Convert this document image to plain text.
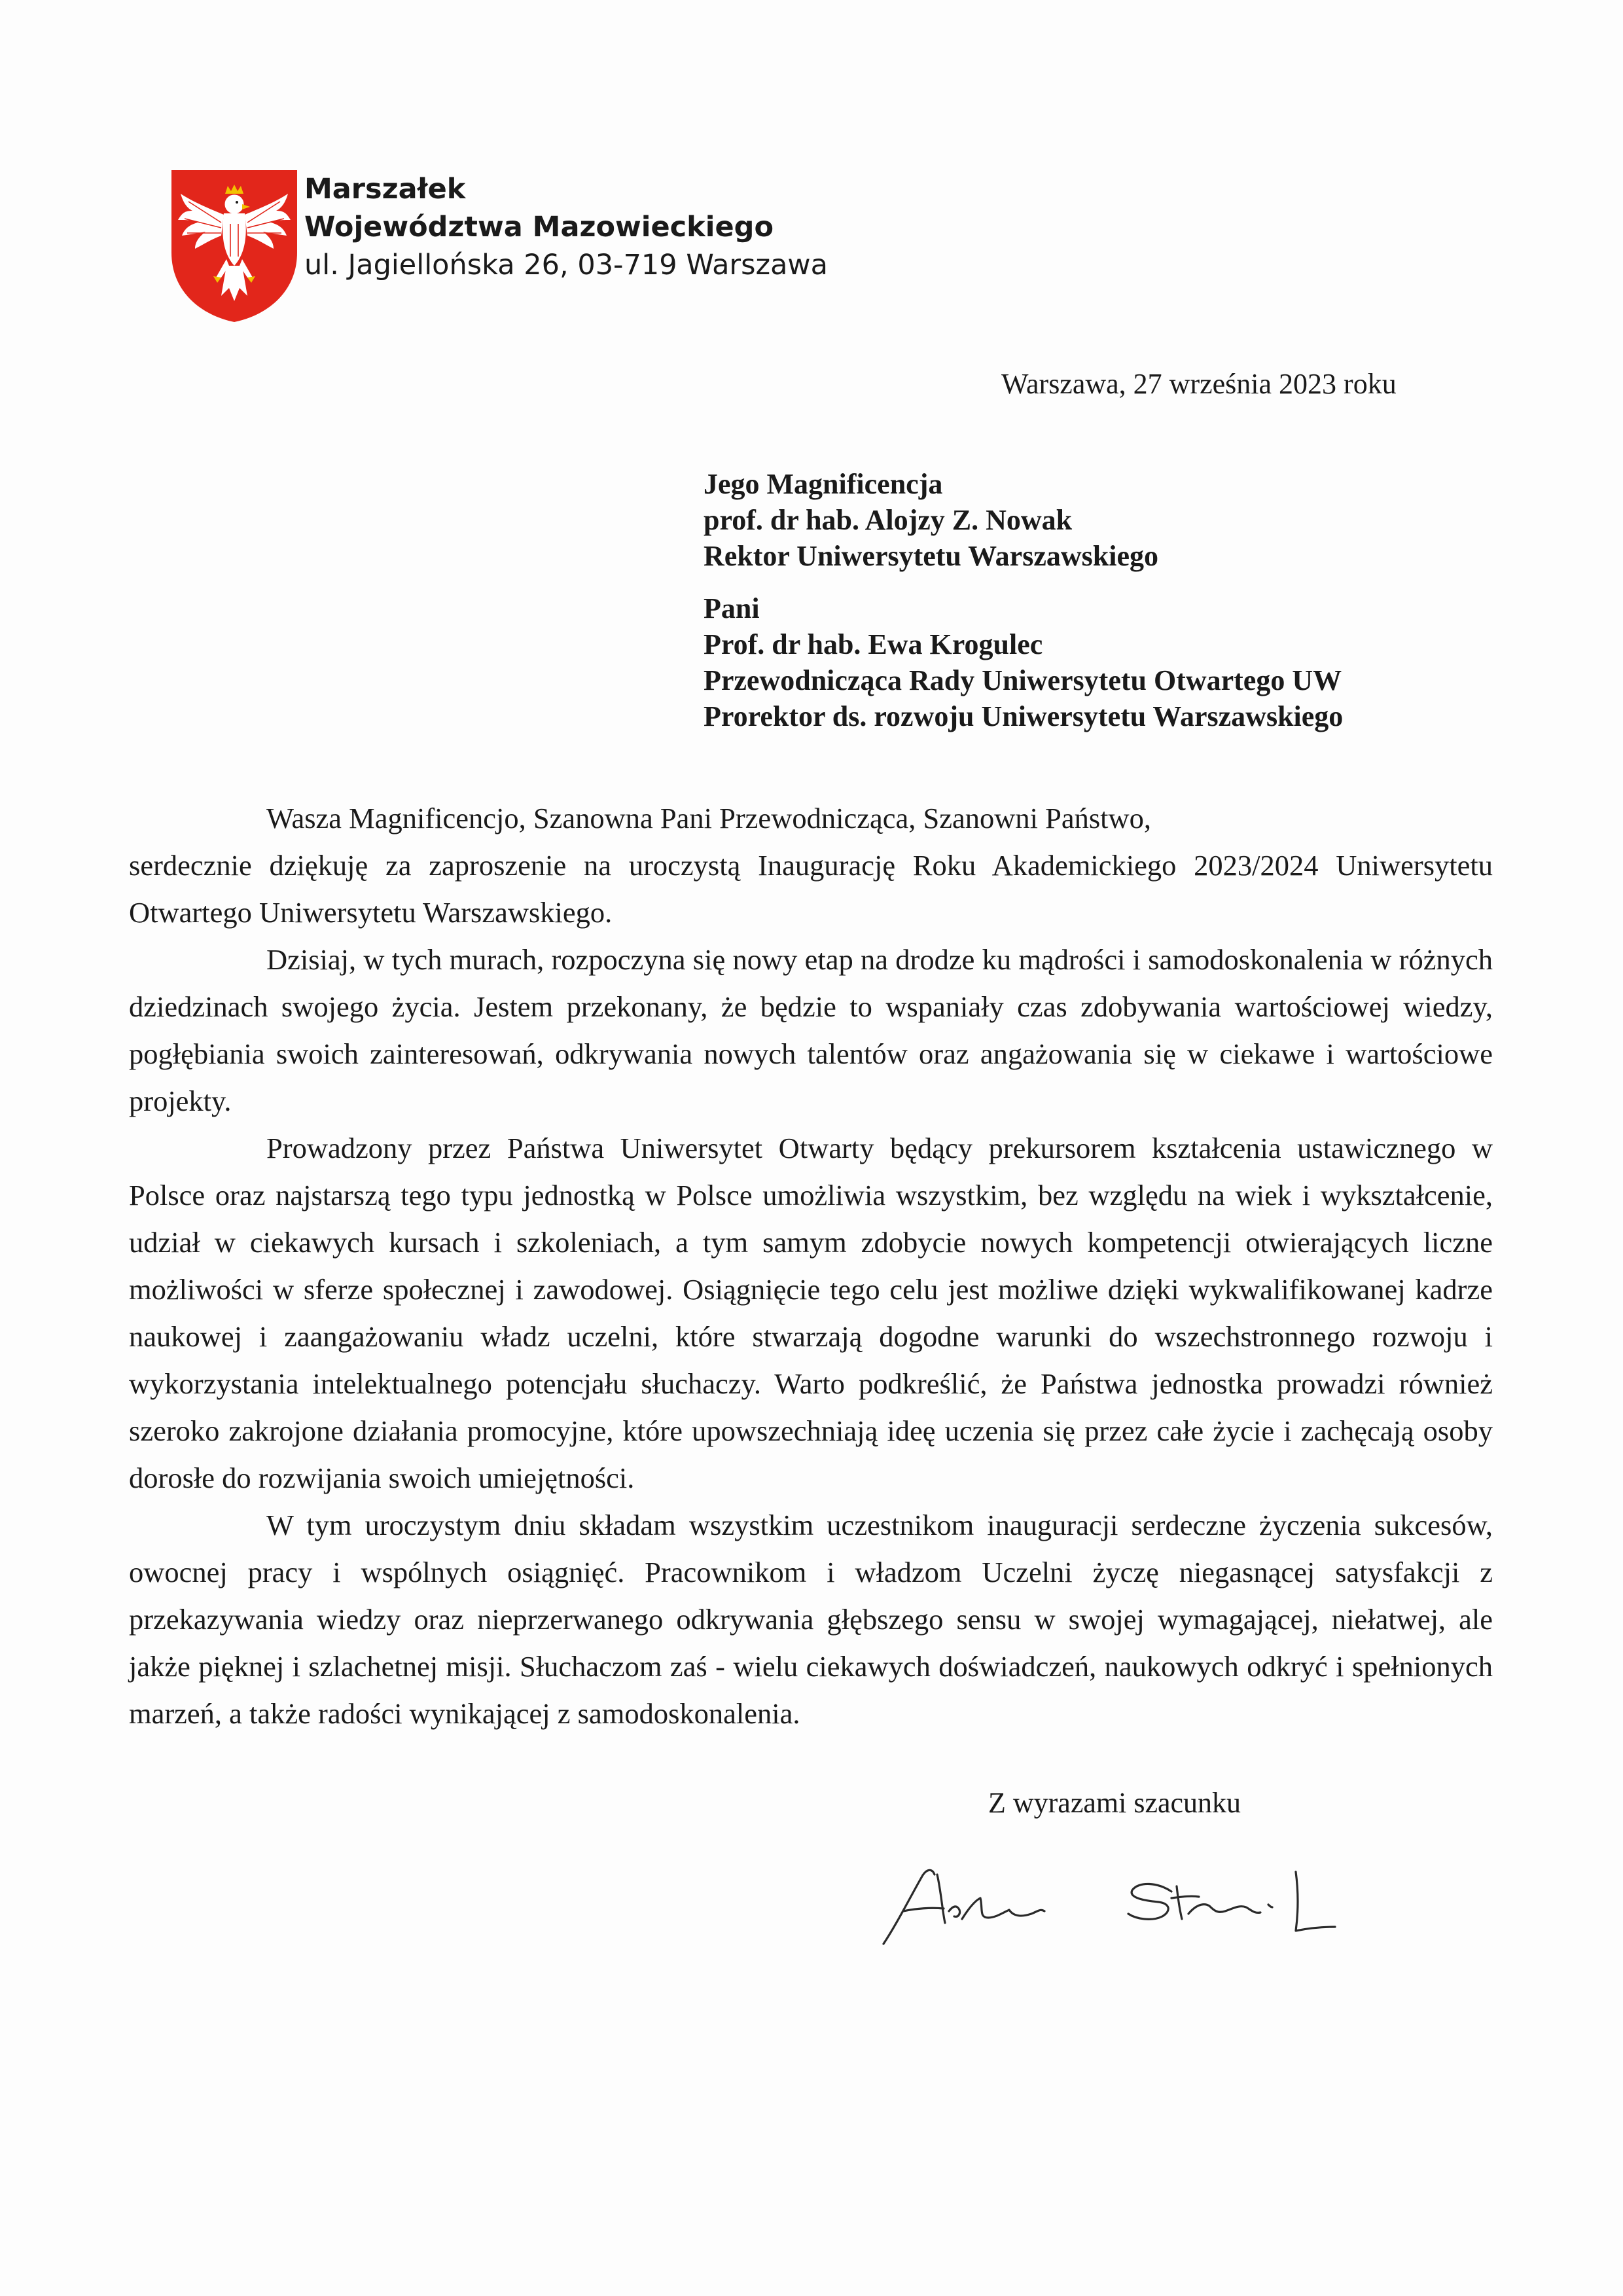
Marszałek
Województwa Mazowieckiego
ul. Jagiellońska 26, 03-719 Warszawa
Warszawa, 27 września 2023 roku
Jego Magnificencja
prof. dr hab. Alojzy Z. Nowak
Rektor Uniwersytetu Warszawskiego
Pani
Prof. dr hab. Ewa Krogulec
Przewodnicząca Rady Uniwersytetu Otwartego UW
Prorektor ds. rozwoju Uniwersytetu Warszawskiego

Wasza Magnificencjo, Szanowna Pani Przewodnicząca, Szanowni Państwo,

serdecznie dziękuję za zaproszenie na uroczystą Inaugurację Roku Akademickiego 2023/2024 Uniwersytetu Otwartego Uniwersytetu Warszawskiego.

Dzisiaj, w tych murach, rozpoczyna się nowy etap na drodze ku mądrości i samodoskonalenia w różnych dziedzinach swojego życia. Jestem przekonany, że będzie to wspaniały czas zdobywania wartościowej wiedzy, pogłębiania swoich zainteresowań, odkrywania nowych talentów oraz angażowania się w ciekawe i wartościowe projekty.

Prowadzony przez Państwa Uniwersytet Otwarty będący prekursorem kształcenia ustawicznego w Polsce oraz najstarszą tego typu jednostką w Polsce umożliwia wszystkim, bez względu na wiek i wykształcenie, udział w ciekawych kursach i szkoleniach, a tym samym zdobycie nowych kompetencji otwierających liczne możliwości w sferze społecznej i zawodowej. Osiągnięcie tego celu jest możliwe dzięki wykwalifikowanej kadrze naukowej i zaangażowaniu władz uczelni, które stwarzają dogodne warunki do wszechstronnego rozwoju i wykorzystania intelektualnego potencjału słuchaczy. Warto podkreślić, że Państwa jednostka prowadzi również szeroko zakrojone działania promocyjne, które upowszechniają ideę uczenia się przez całe życie i zachęcają osoby dorosłe do rozwijania swoich umiejętności.

W tym uroczystym dniu składam wszystkim uczestnikom inauguracji serdeczne życzenia sukcesów, owocnej pracy i wspólnych osiągnięć. Pracownikom i władzom Uczelni życzę niegasnącej satysfakcji z przekazywania wiedzy oraz nieprzerwanego odkrywania głębszego sensu w swojej wymagającej, niełatwej, ale jakże pięknej i szlachetnej misji. Słuchaczom zaś - wielu ciekawych doświadczeń, naukowych odkryć i spełnionych marzeń, a także radości wynikającej z samodoskonalenia.

Z wyrazami szacunku
